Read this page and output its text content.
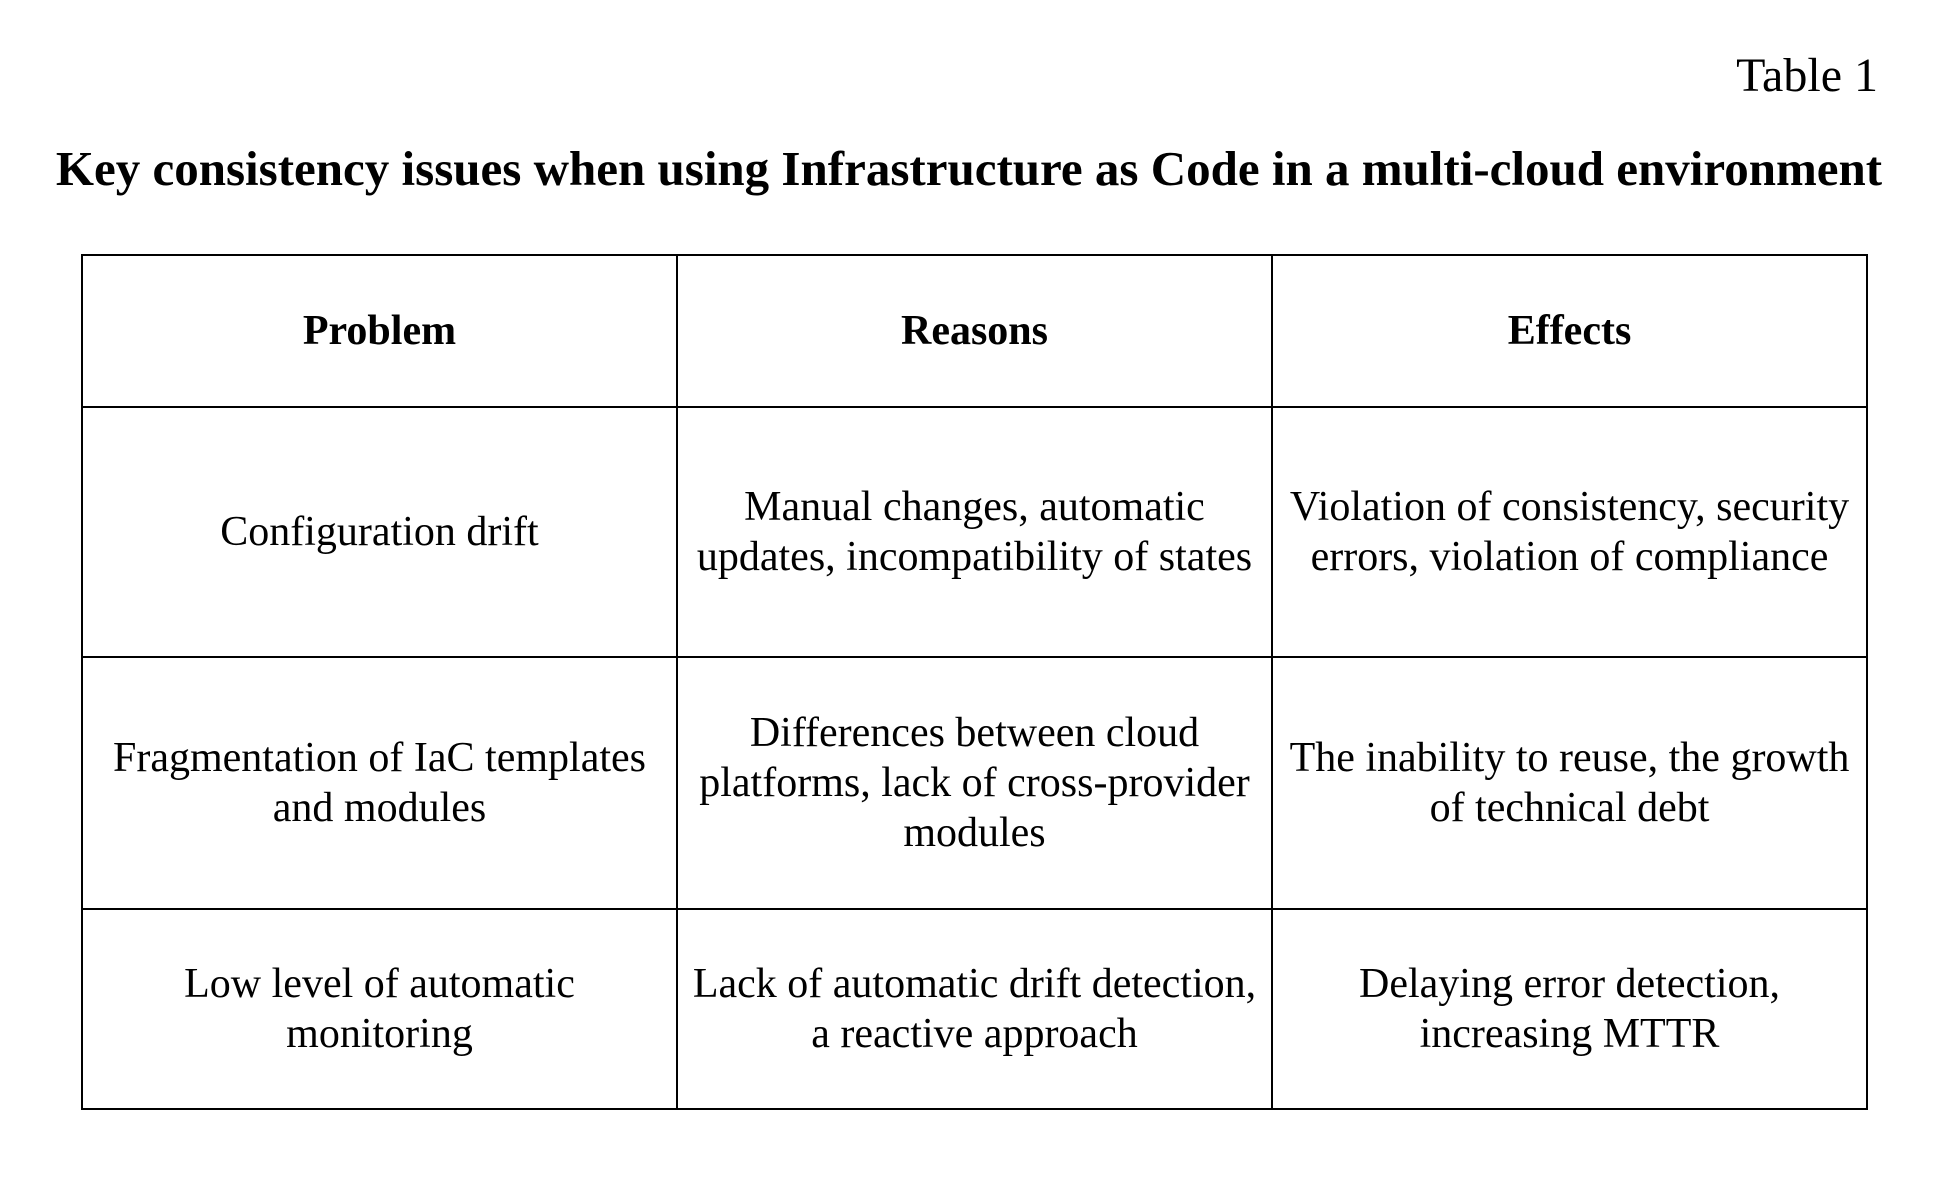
Table 1
Key consistency issues when using Infrastructure as Code in a multi-cloud environment
Problem	Reasons	Effects
Configuration drift	Manual changes, automatic updates, incompatibility of states	Violation of consistency, security errors, violation of compliance
Fragmentation of IaC templates and modules	Differences between cloud platforms, lack of cross-provider modules	The inability to reuse, the growth of technical debt
Low level of automatic monitoring	Lack of automatic drift detection, a reactive approach	Delaying error detection, increasing MTTR
